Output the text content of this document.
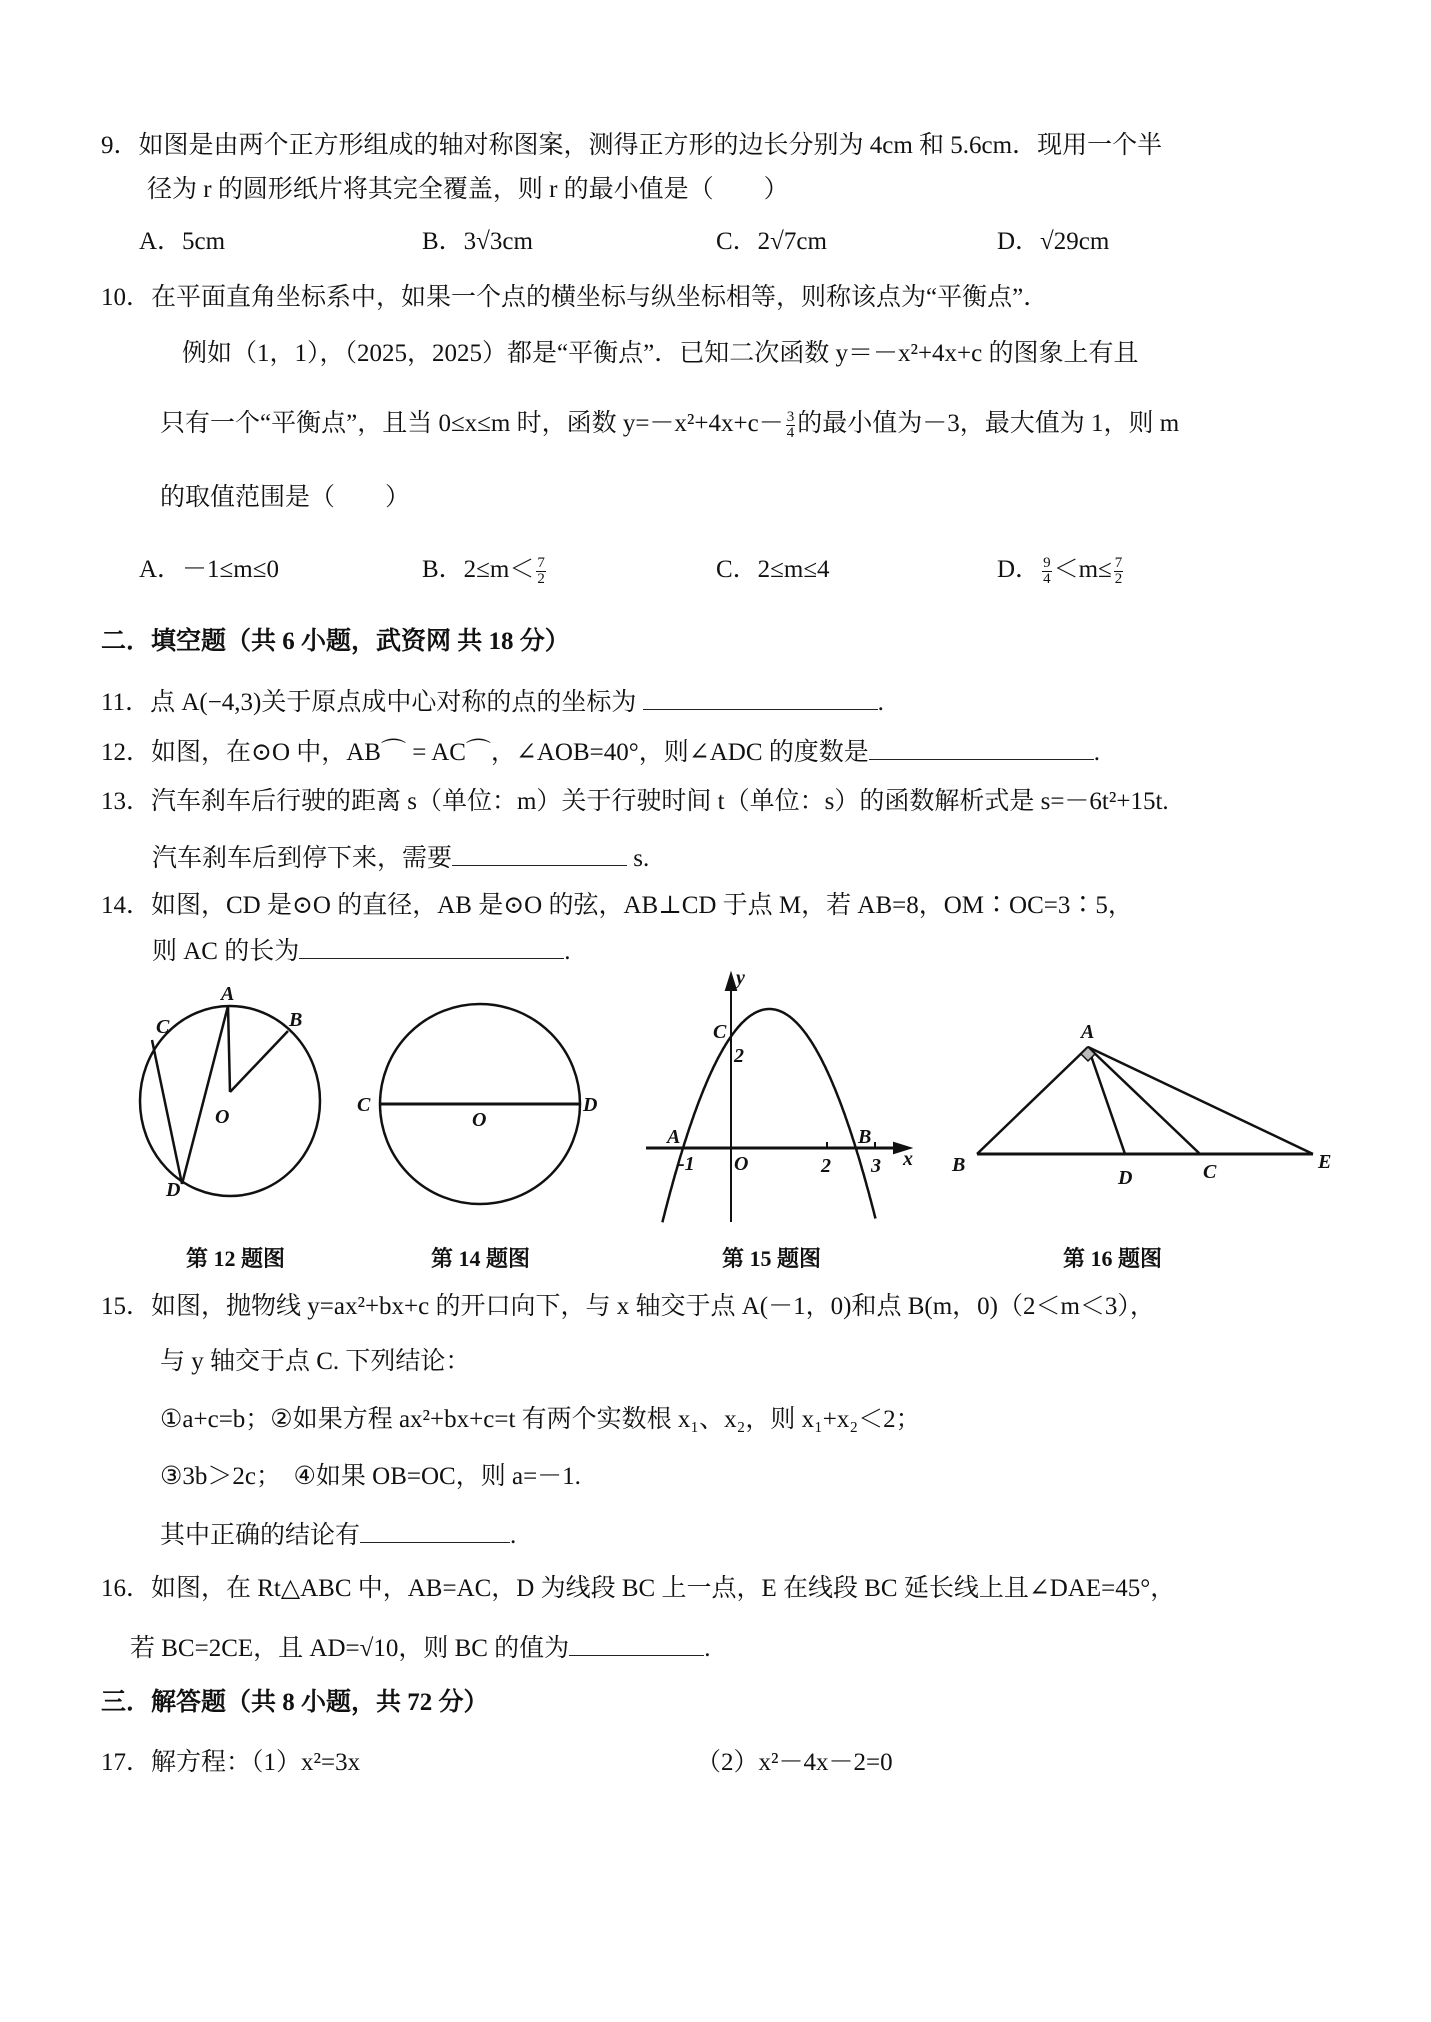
9．如图是由两个正方形组成的轴对称图案，测得正方形的边长分别为 4cm 和 5.6cm．现用一个半
径为 r 的圆形纸片将其完全覆盖，则 r 的最小值是（　　）
A．5cm	B．3√3cm	C．2√7cm	D．√29cm
10．在平面直角坐标系中，如果一个点的横坐标与纵坐标相等，则称该点为“平衡点”．
例如（1，1），（2025，2025）都是“平衡点”．已知二次函数 y＝－x²+4x+c 的图象上有且
只有一个“平衡点”，且当 0≤x≤m 时，函数 $y=-x^2+4x+c- \frac{3}{4}$ 的最小值为－3，最大值为 1，则 m
的取值范围是（　　）
A．－1≤m≤0	B．$2\le m< \frac{7}{2}$	C．2≤m≤4	D． $\frac{9}{4} <m\le \frac{7}{2}$
二．填空题（共 6 小题，武资网 共 18 分）
11．点 A(−4,3)关于原点成中心对称的点的坐标为	.
12．如图，在⊙O 中，AB⌒ = AC⌒，∠AOB=40°，则∠ADC 的度数是	.
13．汽车刹车后行驶的距离 s（单位：m）关于行驶时间 t（单位：s）的函数解析式是 s=－6t²+15t.
汽车刹车后到停下来，需要	s.
14．如图，CD 是⊙O 的直径，AB 是⊙O 的弦，AB⊥CD 于点 M，若 AB=8，OM∶OC=3∶5，
则 AC 的长为	.
A
B
C
D
O
C	D
O
y
x
C
2
A	B
-1 O	2 3
A
B
D	C	E
第 12 题图	第 14 题图	第 15 题图	第 16 题图
15．如图，抛物线 y=ax²+bx+c 的开口向下，与 x 轴交于点 A(－1，0)和点 B(m，0)（2＜m＜3），
与 y 轴交于点 C. 下列结论：
①a+c=b；②如果方程 ax²+bx+c=t 有两个实数根 x₁、x₂，则 x₁+x₂＜2；
③3b＞2c；　④如果 OB=OC，则 a=－1.
其中正确的结论有	.
16．如图，在 Rt△ABC 中，AB=AC，D 为线段 BC 上一点，E 在线段 BC 延长线上且∠DAE=45°，
若 BC=2CE，且 AD=√10，则 BC 的值为	.
三．解答题（共 8 小题，共 72 分）
17．解方程：（1）x²=3x	（2）x²－4x－2=0
